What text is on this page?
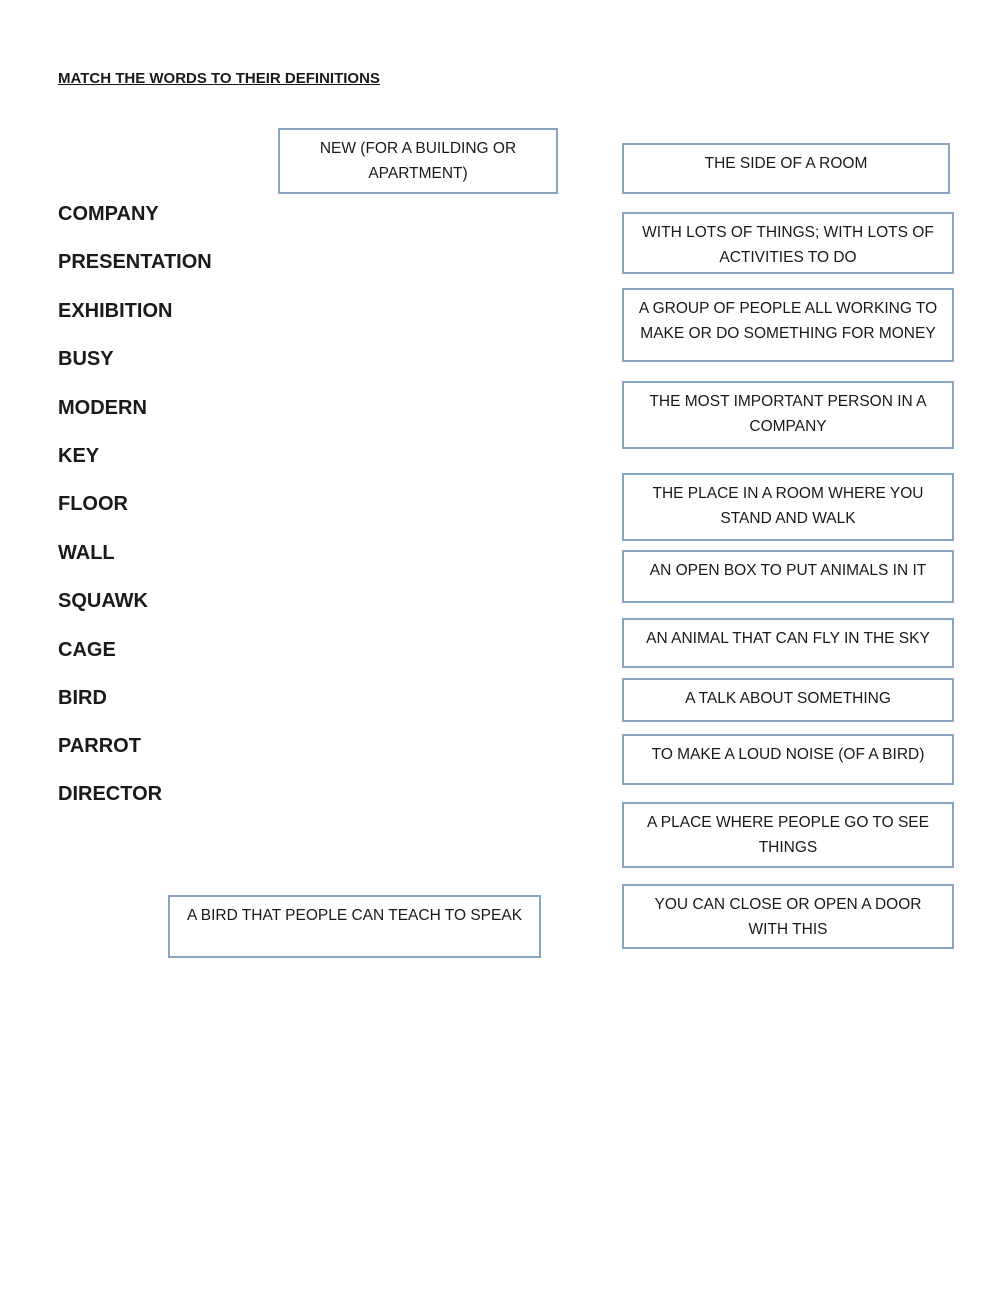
MATCH THE WORDS TO THEIR DEFINITIONS
COMPANY
PRESENTATION
EXHIBITION
BUSY
MODERN
KEY
FLOOR
WALL
SQUAWK
CAGE
BIRD
PARROT
DIRECTOR
NEW (FOR A BUILDING OR APARTMENT)
THE SIDE OF A ROOM
WITH LOTS OF THINGS; WITH LOTS OF ACTIVITIES TO DO
A GROUP OF PEOPLE ALL WORKING TO MAKE OR DO SOMETHING FOR MONEY
THE MOST IMPORTANT PERSON IN A COMPANY
THE PLACE IN A ROOM WHERE YOU STAND AND WALK
AN OPEN BOX TO PUT ANIMALS IN IT
AN ANIMAL THAT CAN FLY IN THE SKY
A TALK ABOUT SOMETHING
TO MAKE A LOUD NOISE (OF A BIRD)
A PLACE WHERE PEOPLE GO TO SEE THINGS
YOU CAN CLOSE OR OPEN A DOOR WITH THIS
A BIRD THAT PEOPLE CAN TEACH TO SPEAK
